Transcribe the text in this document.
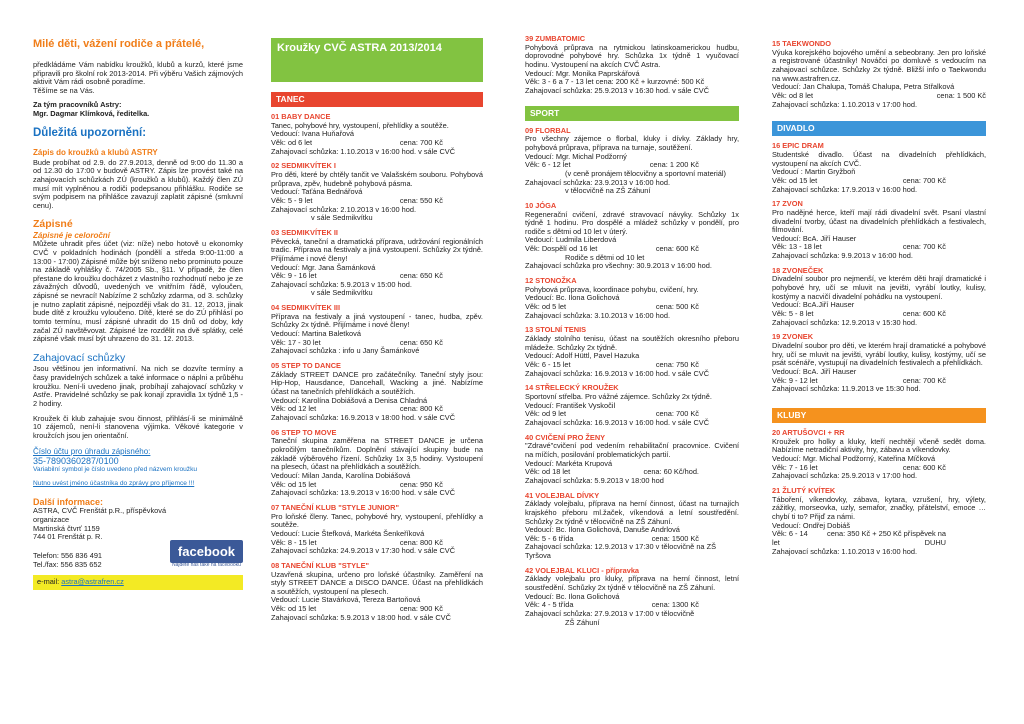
Milé děti, vážení rodiče a přátelé,

předkládáme Vám nabídku kroužků, klubů a kurzů, které jsme připravili pro školní rok 2013-2014. Při výběru Vašich zájmových aktivit Vám rádi osobně poradíme.

Těšíme se na Vás.

Za tým pracovníků Astry:

Mgr. Dagmar Klímková, ředitelka.

Důležitá upozornění:

Zápis do kroužků a klubů ASTRY

Bude probíhat od 2.9. do 27.9.2013, denně od 9:00 do 11.30 a od 12.30 do 17:00 v budově ASTRY. Zápis lze provést také na zahajovacích schůzkách ZÚ (kroužků a klubů). Každý člen ZÚ musí mít vyplněnou a rodiči podepsanou přihlášku. Rodiče se svým podpisem na přihlášce zavazují zaplatit zápisné (smluvní cenu).

Zápisné

Zápisné je celoroční

Můžete uhradit přes účet (viz: níže) nebo hotově u ekonomky CVČ v pokladních hodinách (pondělí a středa 9:00-11:00 a 13:00 - 17:00) Zápisné může být sníženo nebo prominuto pouze na základě vyhlášky č. 74/2005 Sb., §11. V případě, že člen přestane do kroužku docházet z vlastního rozhodnutí nebo je ze závažných důvodů, uvedených ve vnitřním řádě, vyloučen, zápisné se nevrací! Nabízíme 2 schůzky zdarma, od 3. schůzky je nutno zaplatit zápisné, nejpozději však do 31. 12. 2013, jinak bude dítě z kroužku vyloučeno. Dítě, které se do ZÚ přihlásí po tomto termínu, musí zápisné uhradit do 15 dnů od doby, kdy začal ZÚ navštěvovat. Zápisné lze rozdělit na dvě splátky, celé zápisné však musí být uhrazeno do 31. 12. 2013.

Zahajovací schůzky

Jsou většinou jen informativní. Na nich se dozvíte termíny a časy pravidelných schůzek a také informace o náplni a průběhu kroužku. Není-li uvedeno jinak, probíhají zahajovací schůzky v Astře. Pravidelné schůzky se pak konají zpravidla 1x týdně 1,5 - 2 hodiny.

Kroužek či klub zahajuje svou činnost, přihlásí-li se minimálně 10 zájemců, není-li stanovena výjimka. Věkové kategorie v kroužcích jsou jen orientační.

Číslo účtu pro úhradu zápisného:

35-7890360287/0100

Variabilní symbol je číslo uvedeno před názvem kroužku

Nutno uvést jméno účastníka do zprávy pro příjemce !!!

Další informace:

ASTRA, CVČ Frenštát p.R., příspěvková organizace

Martinská čtvrť 1159

744 01 Frenštát p. R.

Telefon: 556 836 491

Tel./fax: 556 835 652

facebook
Najdete nás také na facebooku
e-mail: astra@astrafren.cz
Kroužky CVČ ASTRA 2013/2014
TANEC

01 BABY DANCE

Tanec, pohybové hry, vystoupení, přehlídky a soutěže.

Vedoucí: Ivana Huňařová

Věk: od 6 let	cena: 700 Kč

Zahajovací schůzka: 1.10.2013 v 16:00 hod. v sále CVČ

02 SEDMIKVÍTEK I

Pro děti, které by chtěly tančit ve Valašském souboru. Pohybová průprava, zpěv, hudebně pohybová pásma.

Vedoucí: Taťána Bednářová

Věk: 5 - 9 let	cena: 550 Kč

Zahajovací schůzka: 2.10.2013 v 16:00 hod.

v sále Sedmikvítku

03 SEDMIKVÍTEK II

Pěvecká, taneční a dramatická příprava, udržování regionálních tradic. Příprava na festivaly a jiná vystoupení. Schůzky 2x týdně. Přijímáme i nové členy!

Vedoucí: Mgr. Jana Šamánková

Věk: 9 - 16 let	cena: 650 Kč

Zahajovací schůzka: 5.9.2013 v 15:00 hod.

v sále Sedmikvítku

04 SEDMIKVÍTEK III

Příprava na festivaly a jiná vystoupení - tanec, hudba, zpěv. Schůzky 2x týdně. Přijímáme i nové členy!

Vedoucí: Martina Baletková

Věk: 17 - 30 let	cena: 650 Kč

Zahajovací schůzka : info u Jany Šamánkové

05 STEP TO DANCE

Základy STREET DANCE pro začátečníky. Taneční styly jsou: Hip-Hop, Hausdance, Dancehall, Wacking a jiné. Nabízíme účast na tanečních přehlídkách a soutěžích.

Vedoucí: Karolína Dobiášová a Denisa Chladná

Věk: od 12 let	cena: 800 Kč

Zahajovací schůzka: 16.9.2013 v 18:00 hod. v sále CVČ

06 STEP TO MOVE

Taneční skupina zaměřena na STREET DANCE je určena pokročilým tanečníkům. Doplnění stávající skupiny bude na základě výběrového řízení. Schůzky 1x 3,5 hodiny. Vystoupení na plesech, účast na přehlídkách a soutěžích.

Vedoucí: Milan Janda, Karolína Dobiášová

Věk: od 15 let	cena: 950 Kč

Zahajovací schůzka: 13.9.2013 v 16:00 hod. v sále CVČ

07 TANEČNÍ KLUB "STYLE JUNIOR"

Pro loňské členy. Tanec, pohybové hry, vystoupení, přehlídky a soutěže.

Vedoucí: Lucie Štefková, Markéta Šenkeříková

Věk: 8 - 15 let	cena: 800 Kč

Zahajovací schůzka: 24.9.2013 v 17:30 hod. v sále CVČ

08 TANEČNÍ KLUB "STYLE"

Uzavřená skupina, určeno pro loňské účastníky. Zaměření na styly STREET DANCE a DISCO DANCE. Účast na přehlídkách a soutěžích, vystoupení na plesech.

Vedoucí: Lucie Stavárková, Tereza Bartoňová

Věk: od 15 let	cena: 900 Kč

Zahajovací schůzka: 5.9.2013 v 18:00 hod. v sále CVČ

39 ZUMBATOMIC

Pohybová průprava na rytmickou latinskoamerickou hudbu, doprovodné pohybové hry. Schůzka 1x týdně 1 vyučovací hodinu. Vystoupení na akcích CVČ Astra.

Vedoucí: Mgr. Monika Paprskářová

Věk: 3 - 6 a 7 - 13 let cena: 200 Kč + kurzovné: 500 Kč

Zahajovací schůzka: 25.9.2013 v 16:30 hod. v sále CVČ

SPORT

09 FLORBAL

Pro všechny zájemce o florbal, kluky i dívky. Základy hry, pohybová průprava, příprava na turnaje, soutěžení.

Vedoucí: Mgr. Michal Podžorný

Věk: 6 - 12 let	cena: 1 200 Kč

(v ceně pronájem tělocvičny a sportovní materiál)

Zahajovací schůzka: 23.9.2013 v 16:00 hod.

v tělocvičně na ZŠ Záhuní

10 JÓGA

Regenerační cvičení, zdravé stravovací návyky. Schůzky 1x týdně 1 hodinu. Pro dospělé a mládež schůzky v pondělí, pro rodiče s dětmi od 10 let v úterý.

Vedoucí: Ludmila Liberdová

Věk: Dospělí od 16 let	cena: 600 Kč

Rodiče s dětmi od 10 let

Zahajovací schůzka pro všechny: 30.9.2013 v 16:00 hod.

12 STONOŽKA

Pohybová průprava, koordinace pohybu, cvičení, hry.

Vedoucí: Bc. Ilona Golichová

Věk: od 5 let	cena: 500 Kč

Zahajovací schůzka: 3.10.2013 v 16:00 hod.

13 STOLNÍ TENIS

Základy stolního tenisu, účast na soutěžích okresního přeboru mládeže. Schůzky 2x týdně.

Vedoucí: Adolf Hüttl, Pavel Hazuka

Věk: 6 - 15 let	cena: 750 Kč

Zahajovací schůzka: 16.9.2013 v 16:00 hod. v sále CVČ

14 STŘELECKÝ KROUŽEK

Sportovní střelba. Pro vážné zájemce. Schůzky 2x týdně.

Vedoucí: František Vyskočil

Věk: od 9 let	cena: 700 Kč

Zahajovací schůzka: 16.9.2013 v 16:00 hod. v sále CVČ

40 CVIČENÍ PRO ŽENY

"Zdravé"cvičení pod vedením rehabilitační pracovnice. Cvičení na míčích, posilování problematických partií.

Vedoucí: Markéta Krupová

Věk: od 18 let	cena: 60 Kč/hod.

Zahajovací schůzka: 5.9.2013 v 18:00 hod

41 VOLEJBAL DÍVKY

Základy volejbalu, příprava na herní činnost, účast na turnajích krajského přeboru ml.žaček, víkendová a letní soustředění. Schůzky 2x týdně v tělocvičně na ZŠ Záhuní.

Vedoucí: Bc. Ilona Golichová, Danuše Andrlová

Věk: 5 - 6 třída	cena: 1500 Kč

Zahajovací schůzka: 12.9.2013 v 17:30 v tělocvičně na ZŠ Tyršova

42 VOLEJBAL KLUCI - přípravka

Základy volejbalu pro kluky, příprava na herní činnost, letní soustředění. Schůzky 2x týdně v tělocvičně na ZŠ Záhuní.

Vedoucí: Bc. Ilona Golichová

Věk: 4 - 5 třída	cena: 1300 Kč

Zahajovací schůzka: 27.9.2013 v 17:00 v tělocvičně

ZŠ Záhuní

15 TAEKWONDO

Výuka korejského bojového umění a sebeobrany. Jen pro loňské a registrované účastníky! Nováčci po domluvě s vedoucím na zahajovací schůzce. Schůzky 2x týdně. Bližší info o Taekwondu na www.astrafren.cz.

Vedoucí: Jan Chalupa, Tomáš Chalupa, Petra Střalková

Věk: od 8 let	cena: 1 500 Kč

Zahajovací schůzka: 1.10.2013 v 17:00 hod.

DIVADLO

16 EPIC DRAM

Studentské divadlo. Účast na divadelních přehlídkách, vystoupení na akcích CVČ.

Vedoucí : Martin Gryžboň

Věk: od 15 let	cena: 700 Kč

Zahajovací schůzka: 17.9.2013 v 16:00 hod.

17 ZVON

Pro nadějné herce, kteří mají rádi divadelní svět. Psaní vlastní divadelní tvorby, účast na divadelních přehlídkách a festivalech, filmování.

Vedoucí: BcA. Jiří Hauser

Věk: 13 - 18 let	cena: 700 Kč

Zahajovací schůzka: 9.9.2013 v 16:00 hod.

18 ZVONEČEK

Divadelní soubor pro nejmenší, ve kterém děti hrají dramatické i pohybové hry, učí se mluvit na jevišti, vyrábí loutky, kulisy, kostýmy a nacvičí divadelní pohádku na vystoupení.

Vedoucí: BcA.Jiří Hauser

Věk: 5 - 8 let	cena: 600 Kč

Zahajovací schůzka: 12.9.2013 v 15:30 hod.

19 ZVONEK

Divadelní soubor pro děti, ve kterém hrají dramatické a pohybové hry, učí se mluvit na jevišti, vyrábí loutky, kulisy, kostýmy, učí se psát scénáře, vystupují na divadelních festivalech a přehlídkách.

Vedoucí: BcA. Jiří Hauser

Věk: 9 - 12 let	cena: 700 Kč

Zahajovací schůzka: 11.9.2013 ve 15:30 hod.

KLUBY

20 ARTUŠOVCI + RR

Kroužek pro holky a kluky, kteří nechtějí včeně sedět doma. Nabízíme netradiční aktivity, hry, zábavu a víkendovky.

Vedoucí: Mgr. Michal Podžorný, Kateřina Míčková

Věk: 7 - 16 let	cena: 600 Kč

Zahajovací schůzka: 25.9.2013 v 17:00 hod.

21 ŽLUTÝ KVÍTEK

Táboření, víkendovky, zábava, kytara, vzrušení, hry, výlety, zážitky, morseovka, uzly, semafor, značky, přátelství, emoce … chybí ti to? Přijď za námi.

Vedoucí: Ondřej Dobiáš

Věk: 6 - 14 let
cena: 350 Kč + 250 Kč příspěvek na DUHU

Zahajovací schůzka: 1.10.2013 v 16:00 hod.
